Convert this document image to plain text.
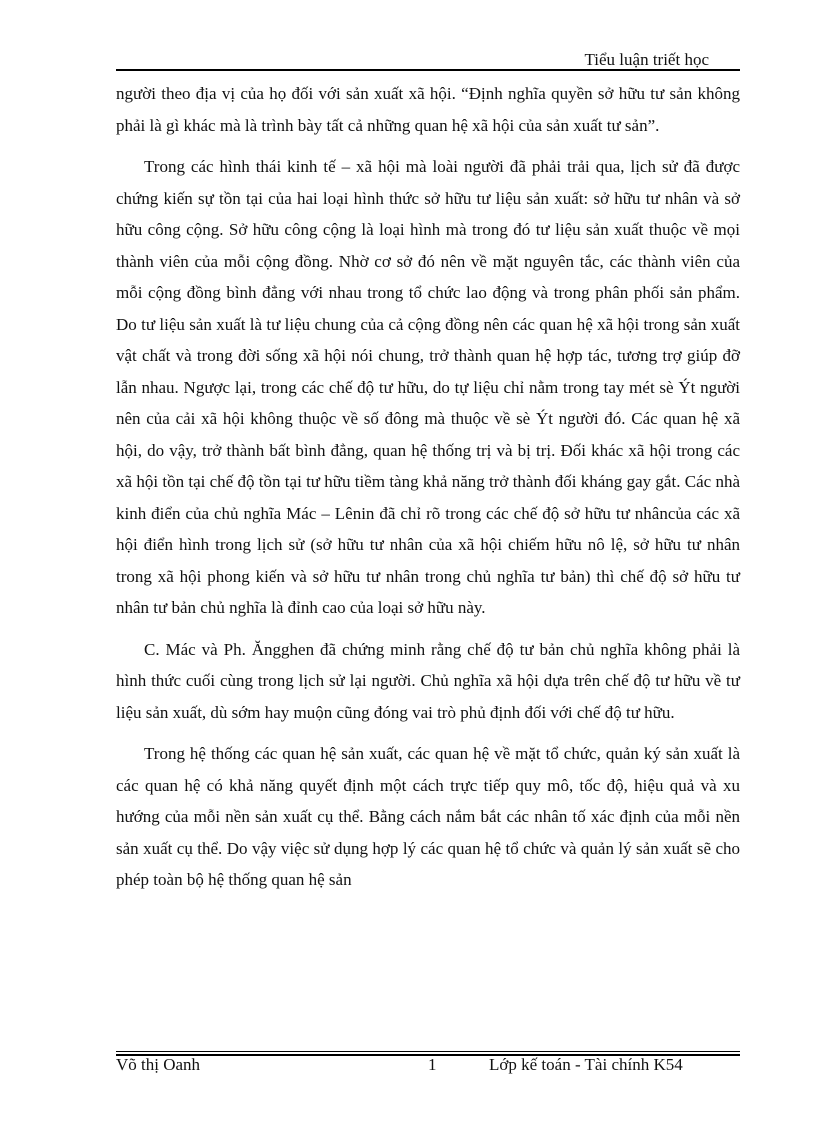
Tiểu luận triết học

người theo địa vị của họ đối với sản xuất xã hội. “Định nghĩa quyền sở hữu tư sản không phải là gì khác mà là trình bày tất cả những quan hệ xã hội của sản xuất tư sản”.

Trong các hình thái kinh tế – xã hội mà loài người đã phải trải qua, lịch sử đã được chứng kiến sự tồn tại của hai loại hình thức sở hữu tư liệu sản xuất: sở hữu tư nhân và sở hữu công cộng. Sở hữu công cộng là loại hình mà trong đó tư liệu sản xuất thuộc về mọi thành viên của mỗi cộng đồng. Nhờ cơ sở đó nên về mặt nguyên tắc, các thành viên của mỗi cộng đồng bình đẳng với nhau trong tổ chức lao động và trong phân phối sản phẩm. Do tư liệu sản xuất là tư liệu chung của cả cộng đồng nên các quan hệ xã hội trong sản xuất vật chất và trong đời sống xã hội nói chung, trở thành quan hệ hợp tác, tương trợ giúp đỡ lẫn nhau. Ngược lại, trong các chế độ tư hữu, do tự liệu chỉ nằm trong tay mét sè Ýt người nên của cải xã hội không thuộc về số đông mà thuộc về sè Ýt người đó. Các quan hệ xã hội, do vậy, trở thành bất bình đẳng, quan hệ thống trị và bị trị. Đối khác xã hội trong các xã hội tồn tại chế độ tồn tại tư hữu tiềm tàng khả năng trở thành đối kháng gay gắt. Các nhà kinh điển của chủ nghĩa Mác – Lênin đã chỉ rõ trong các chế độ sở hữu tư nhâncủa các xã hội điển hình trong lịch sử (sở hữu tư nhân của xã hội chiếm hữu nô lệ, sở hữu tư nhân trong xã hội phong kiến và sở hữu tư nhân trong chủ nghĩa tư bản) thì chế độ sở hữu tư nhân tư bản chủ nghĩa là đỉnh cao của loại sở hữu này.

C. Mác và Ph. Ăngghen đã chứng minh rằng chế độ tư bản chủ nghĩa không phải là hình thức cuối cùng trong lịch sử lại người. Chủ nghĩa xã hội dựa trên chế độ tư hữu về tư liệu sản xuất, dù sớm hay muộn cũng đóng vai trò phủ định đối với chế độ tư hữu.

Trong hệ thống các quan hệ sản xuất, các quan hệ về mặt tổ chức, quản ký sản xuất là các quan hệ có khả năng quyết định một cách trực tiếp quy mô, tốc độ, hiệu quả và xu hướng của mỗi nền sản xuất cụ thể. Bằng cách nắm bắt các nhân tố xác định của mỗi nền sản xuất cụ thể. Do vậy việc sử dụng hợp lý các quan hệ tổ chức và quản lý sản xuất sẽ cho phép toàn bộ hệ thống quan hệ sản

Võ thị Oanh	1	Lớp kế toán - Tài chính K54
